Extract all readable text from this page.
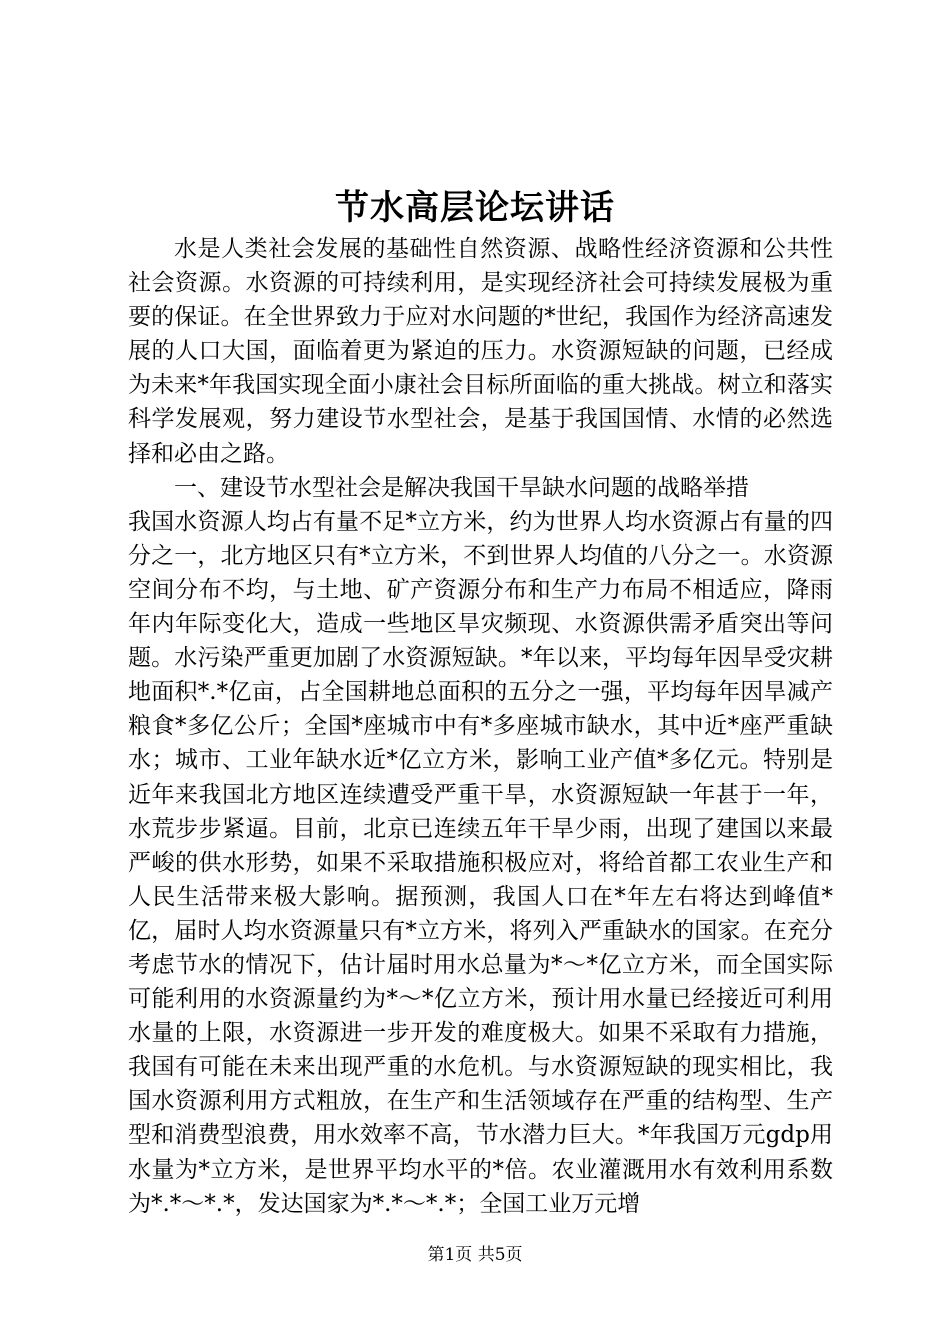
节水高层论坛讲话

水是人类社会发展的基础性自然资源、战略性经济资源和公共性社会资源。水资源的可持续利用，是实现经济社会可持续发展极为重要的保证。在全世界致力于应对水问题的*世纪，我国作为经济高速发展的人口大国，面临着更为紧迫的压力。水资源短缺的问题，已经成为未来*年我国实现全面小康社会目标所面临的重大挑战。树立和落实科学发展观，努力建设节水型社会，是基于我国国情、水情的必然选择和必由之路。

一、建设节水型社会是解决我国干旱缺水问题的战略举措

我国水资源人均占有量不足*立方米，约为世界人均水资源占有量的四分之一，北方地区只有*立方米，不到世界人均值的八分之一。水资源空间分布不均，与土地、矿产资源分布和生产力布局不相适应，降雨年内年际变化大，造成一些地区旱灾频现、水资源供需矛盾突出等问题。水污染严重更加剧了水资源短缺。*年以来，平均每年因旱受灾耕地面积*.*亿亩，占全国耕地总面积的五分之一强，平均每年因旱减产粮食*多亿公斤；全国*座城市中有*多座城市缺水，其中近*座严重缺水；城市、工业年缺水近*亿立方米，影响工业产值*多亿元。特别是近年来我国北方地区连续遭受严重干旱，水资源短缺一年甚于一年，水荒步步紧逼。目前，北京已连续五年干旱少雨，出现了建国以来最严峻的供水形势，如果不采取措施积极应对，将给首都工农业生产和人民生活带来极大影响。据预测，我国人口在*年左右将达到峰值*亿，届时人均水资源量只有*立方米，将列入严重缺水的国家。在充分考虑节水的情况下，估计届时用水总量为*～*亿立方米，而全国实际可能利用的水资源量约为*～*亿立方米，预计用水量已经接近可利用水量的上限，水资源进一步开发的难度极大。如果不采取有力措施，我国有可能在未来出现严重的水危机。与水资源短缺的现实相比，我国水资源利用方式粗放，在生产和生活领域存在严重的结构型、生产型和消费型浪费，用水效率不高，节水潜力巨大。*年我国万元gdp用水量为*立方米，是世界平均水平的*倍。农业灌溉用水有效利用系数为*.*～*.*，发达国家为*.*～*.*；全国工业万元增

第1页 共5页
